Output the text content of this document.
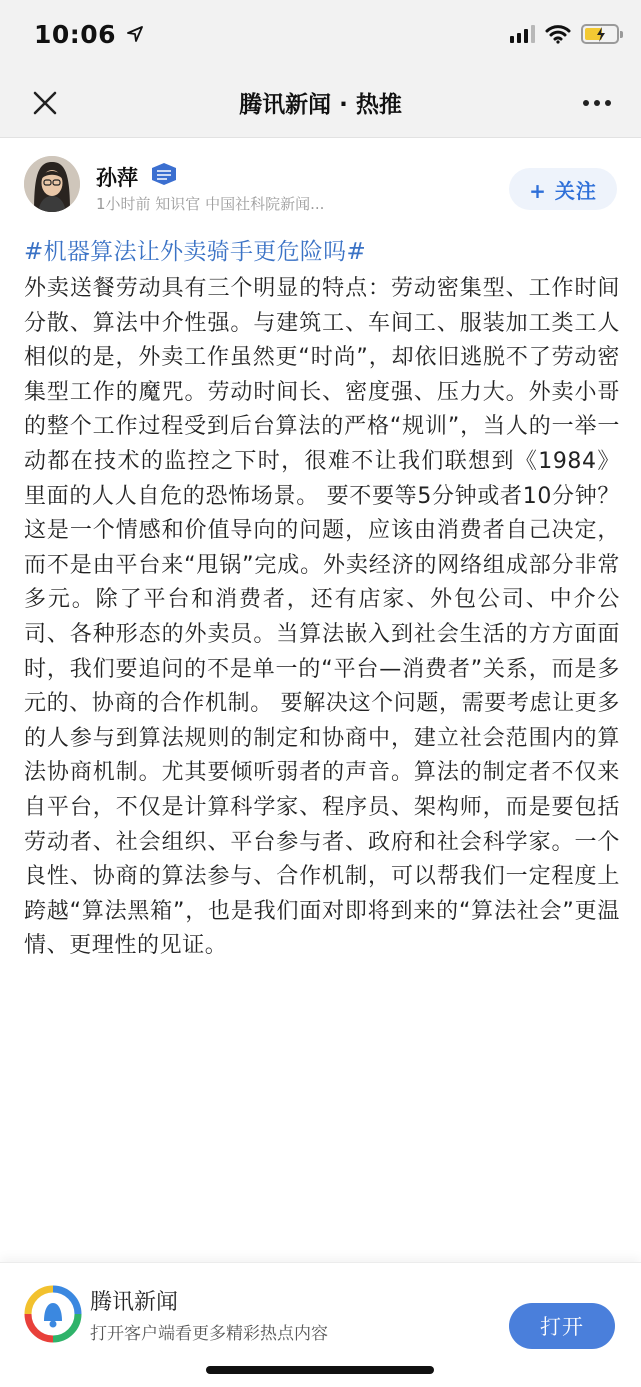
10:06
腾讯新闻 · 热推
孙萍
1小时前 知识官 中国社科院新闻...
+ 关注
#机器算法让外卖骑手更危险吗#
外卖送餐劳动具有三个明显的特点：劳动密集型、工作时间分散、算法中介性强。与建筑工、车间工、服装加工类工人相似的是，外卖工作虽然更“时尚”，却依旧逃脱不了劳动密集型工作的魔咒。劳动时间长、密度强、压力大。外卖小哥的整个工作过程受到后台算法的严格“规训”，当人的一举一动都在技术的监控之下时，很难不让我们联想到《1984》里面的人人自危的恐怖场景。 要不要等5分钟或者10分钟？这是一个情感和价值导向的问题，应该由消费者自己决定，而不是由平台来“甩锅”完成。外卖经济的网络组成部分非常多元。除了平台和消费者，还有店家、外包公司、中介公司、各种形态的外卖员。当算法嵌入到社会生活的方方面面时，我们要追问的不是单一的“平台—消费者”关系，而是多元的、协商的合作机制。 要解决这个问题，需要考虑让更多的人参与到算法规则的制定和协商中，建立社会范围内的算法协商机制。尤其要倾听弱者的声音。算法的制定者不仅来自平台，不仅是计算科学家、程序员、架构师，而是要包括劳动者、社会组织、平台参与者、政府和社会科学家。一个良性、协商的算法参与、合作机制，可以帮我们一定程度上跨越“算法黑箱”，也是我们面对即将到来的“算法社会”更温情、更理性的见证。
腾讯新闻
打开客户端看更多精彩热点内容	打开
